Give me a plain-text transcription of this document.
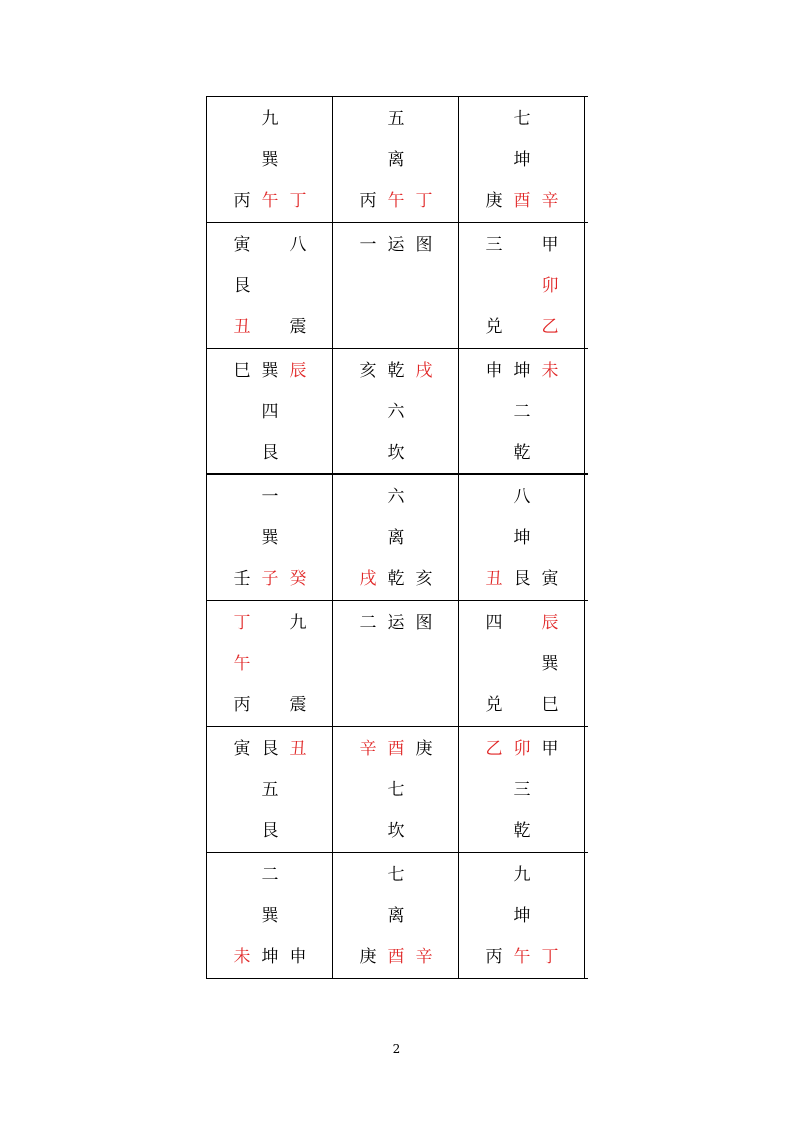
九
巽
丙 午 丁
五
离
丙 午 丁
七
坤
庚 酉 辛
寅 八
艮
丑 震
一 运 图	三 甲
卯
兑 乙
巳 巽 辰
四
艮
亥 乾 戌
六
坎
申 坤 未
二
乾
一
巽
壬 子 癸
六
离
戌 乾 亥
八
坤
丑 艮 寅
丁 九
午
丙 震
二 运 图	四 辰
巽
兑 巳
寅 艮 丑
五
艮
辛 酉 庚
七
坎
乙 卯 甲
三
乾
二
巽
未 坤 申
七
离
庚 酉 辛
九
坤
丙 午 丁
2
